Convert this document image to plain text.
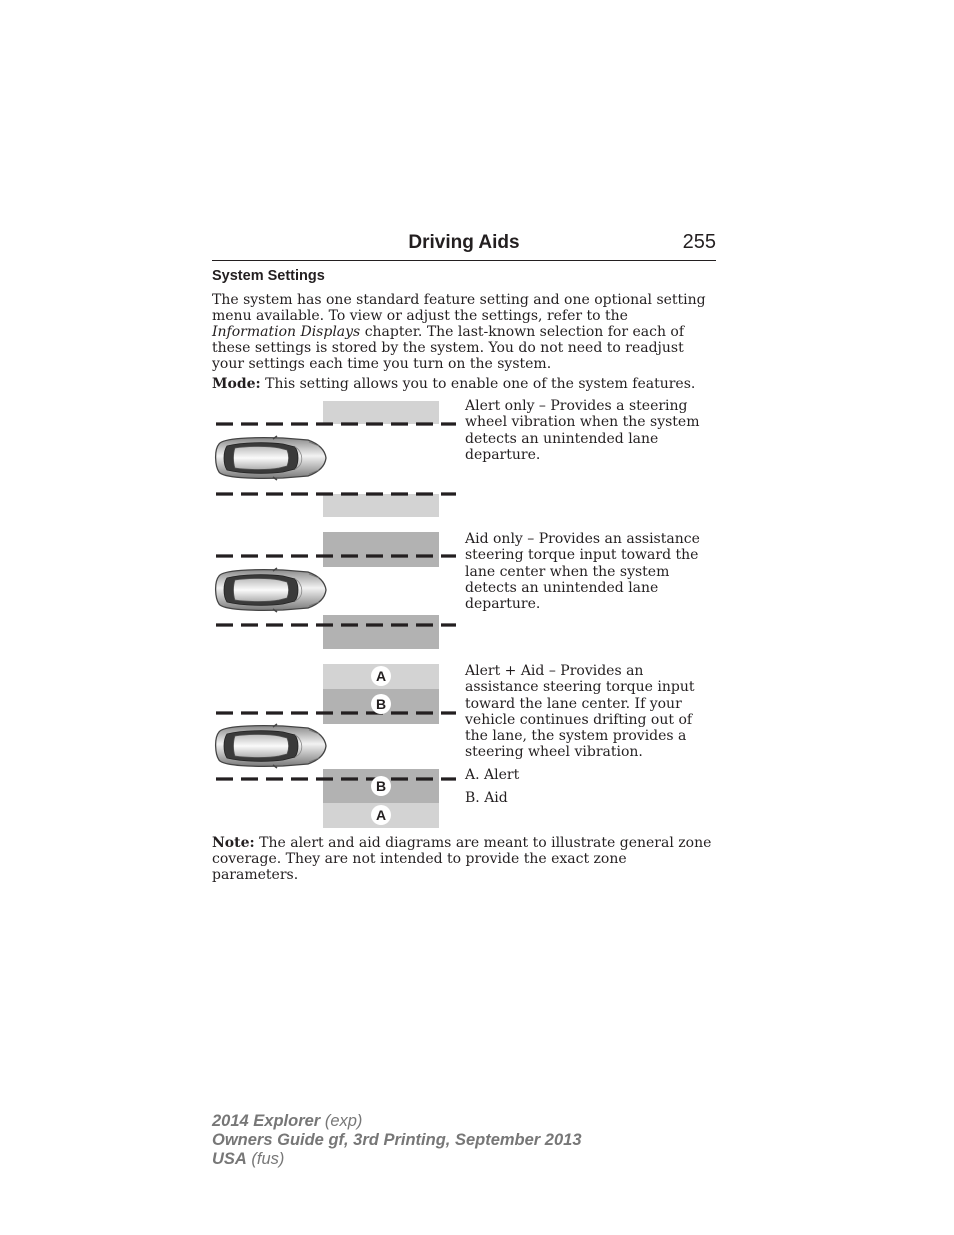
Driving Aids	255
System Settings

The system has one standard feature setting and one optional setting menu available. To view or adjust the settings, refer to the Information Displays chapter. The last-known selection for each of these settings is stored by the system. You do not need to readjust your settings each time you turn on the system.

Mode: This setting allows you to enable one of the system features.

Alert only – Provides a steering wheel vibration when the system detects an unintended lane departure.
Aid only – Provides an assistance steering torque input toward the lane center when the system detects an unintended lane departure.
A
B
B
A
Alert + Aid – Provides an assistance steering torque input toward the lane center. If your vehicle continues drifting out of the lane, the system provides a steering wheel vibration.
A. Alert
B. Aid

Note: The alert and aid diagrams are meant to illustrate general zone coverage. They are not intended to provide the exact zone parameters.

2014 Explorer (exp)
Owners Guide gf, 3rd Printing, September 2013
USA (fus)
